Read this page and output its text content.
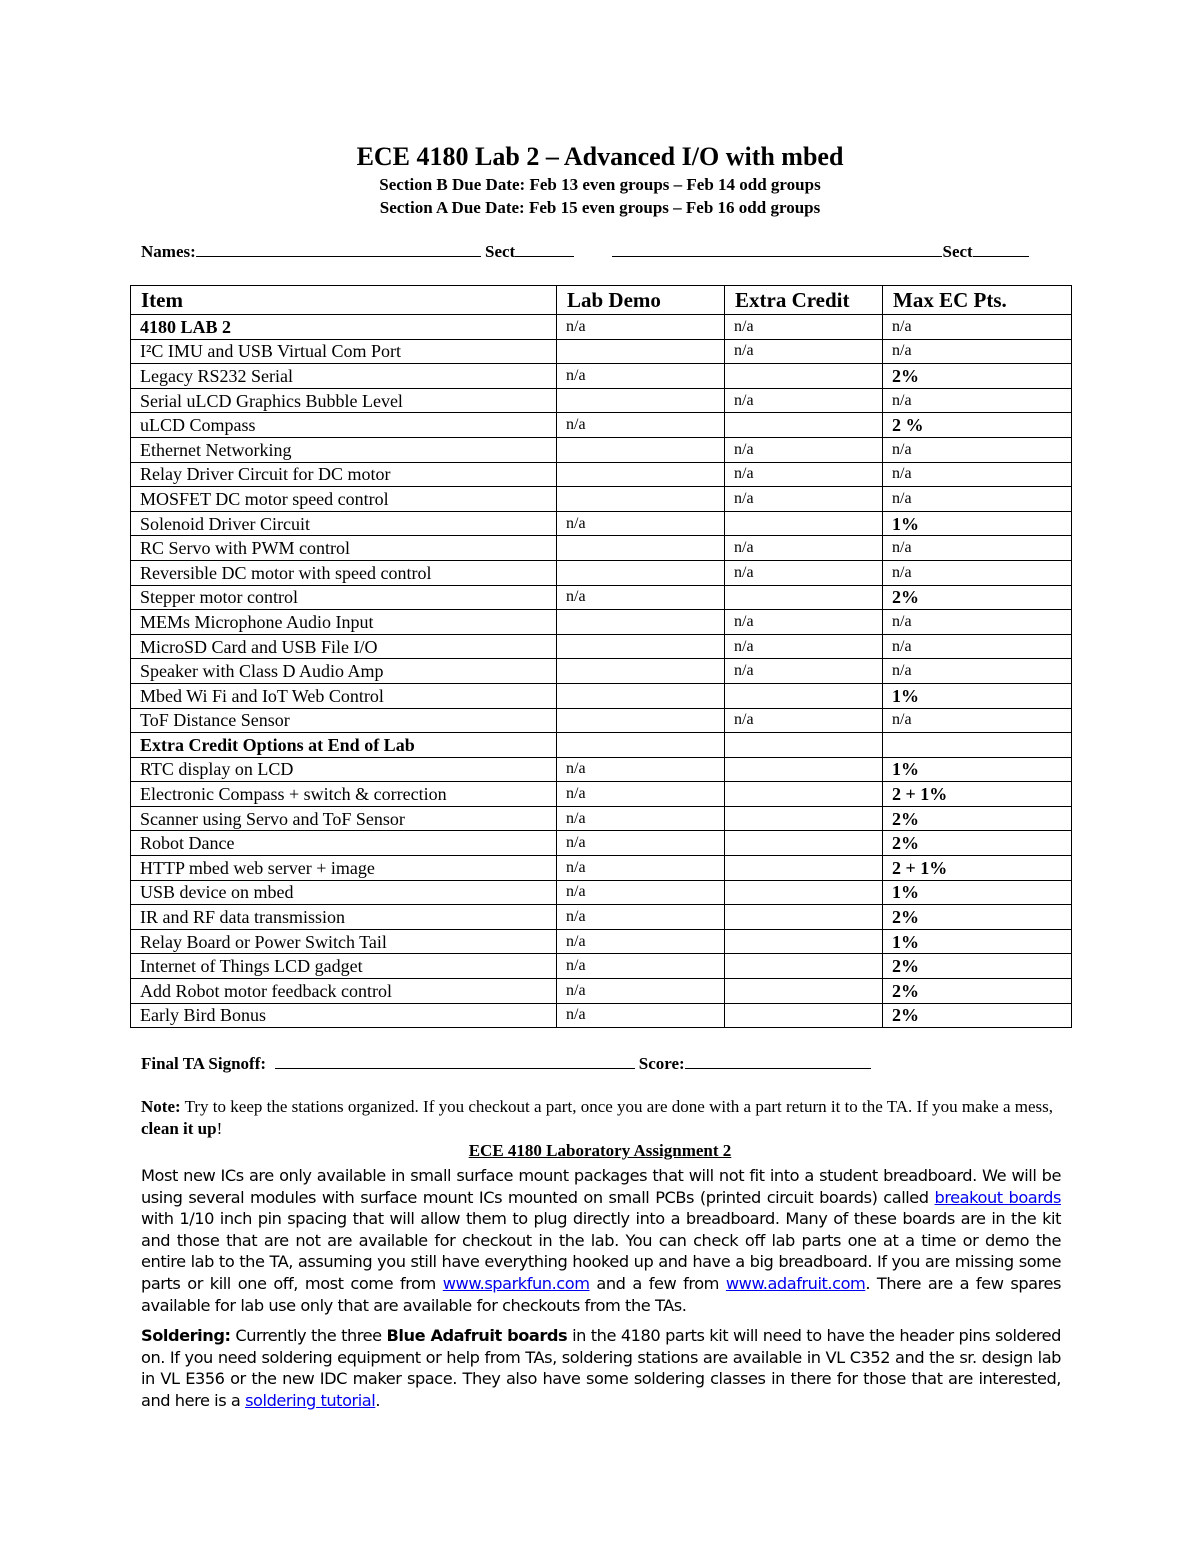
ECE 4180 Lab 2 – Advanced I/O with mbed
Section B Due Date: Feb 13 even groups – Feb 14 odd groups
Section A Due Date: Feb 15 even groups – Feb 16 odd groups
Names:	Sect	Sect
Item	Lab Demo	Extra Credit	Max EC Pts.
4180 LAB 2	n/a	n/a	n/a
I²C IMU and USB Virtual Com Port		n/a	n/a
Legacy RS232 Serial	n/a		2%
Serial uLCD Graphics Bubble Level		n/a	n/a
uLCD Compass	n/a		2 %
Ethernet Networking		n/a	n/a
Relay Driver Circuit for DC motor		n/a	n/a
MOSFET DC motor speed control		n/a	n/a
Solenoid Driver Circuit	n/a		1%
RC Servo with PWM control		n/a	n/a
Reversible DC motor with speed control		n/a	n/a
Stepper motor control	n/a		2%
MEMs Microphone Audio Input		n/a	n/a
MicroSD Card and USB File I/O		n/a	n/a
Speaker with Class D Audio Amp		n/a	n/a
Mbed Wi Fi and IoT Web Control			1%
ToF Distance Sensor		n/a	n/a
Extra Credit Options at End of Lab			
RTC display on LCD	n/a		1%
Electronic Compass + switch & correction	n/a		2 + 1%
Scanner using Servo and ToF Sensor	n/a		2%
Robot Dance	n/a		2%
HTTP mbed web server + image	n/a		2 + 1%
USB device on mbed	n/a		1%
IR and RF data transmission	n/a		2%
Relay Board or Power Switch Tail	n/a		1%
Internet of Things LCD gadget	n/a		2%
Add Robot motor feedback control	n/a		2%
Early Bird Bonus	n/a		2%
Final TA Signoff:	Score:
Note: Try to keep the stations organized. If you checkout a part, once you are done with a part return it to the TA. If you make a mess, clean it up!
ECE 4180 Laboratory Assignment 2
Most new ICs are only available in small surface mount packages that will not fit into a student breadboard. We will be using several modules with surface mount ICs mounted on small PCBs (printed circuit boards) called breakout boards with 1/10 inch pin spacing that will allow them to plug directly into a breadboard. Many of these boards are in the kit and those that are not are available for checkout in the lab. You can check off lab parts one at a time or demo the entire lab to the TA, assuming you still have everything hooked up and have a big breadboard. If you are missing some parts or kill one off, most come from www.sparkfun.com and a few from www.adafruit.com. There are a few spares available for lab use only that are available for checkouts from the TAs.
Soldering: Currently the three Blue Adafruit boards in the 4180 parts kit will need to have the header pins soldered on. If you need soldering equipment or help from TAs, soldering stations are available in VL C352 and the sr. design lab in VL E356 or the new IDC maker space. They also have some soldering classes in there for those that are interested, and here is a soldering tutorial.
